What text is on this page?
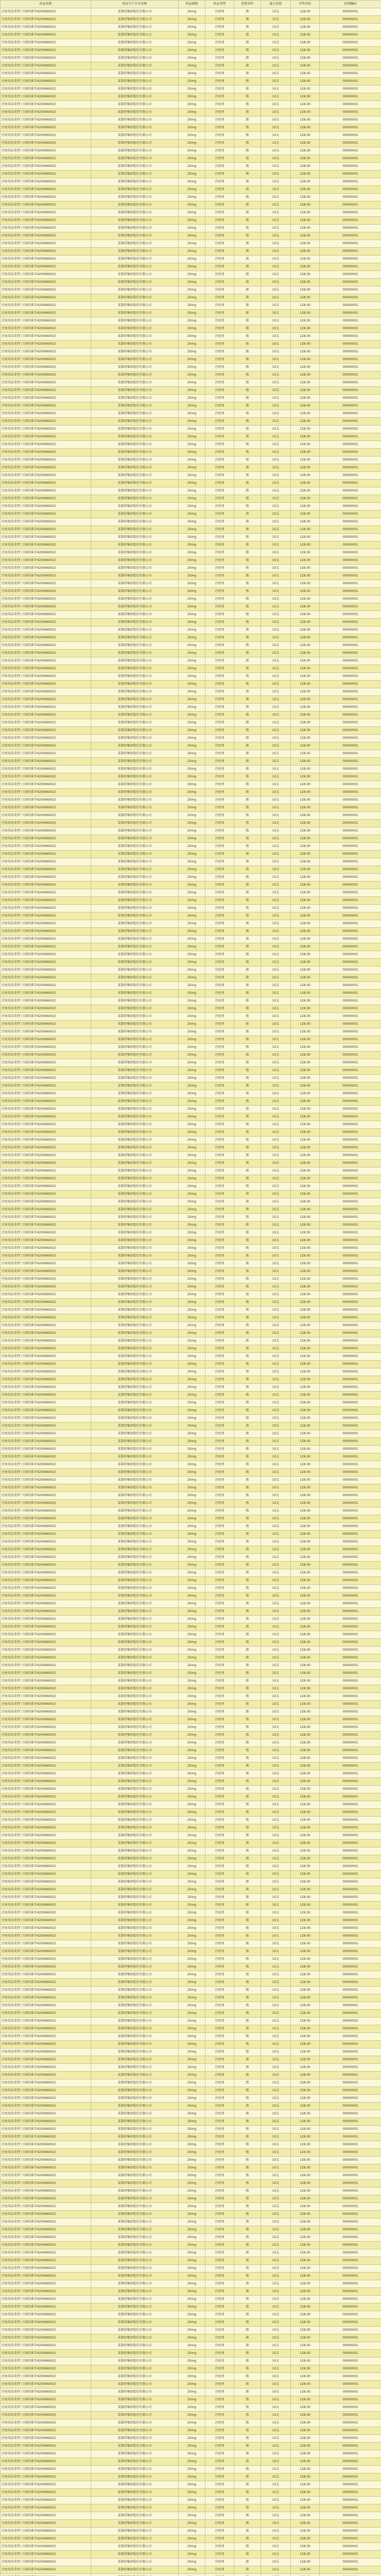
药品名称	药品生产企业名称	药品规格	药品剂型	包装单位	最小包装	零售单价	医保编码
注射用法莫替丁(国药准字H20066002)	某制药集团股份有限公司	20mg	注射剂	瓶	10支	128.00	00000001
注射用法莫替丁(国药准字H20066002)	某制药集团股份有限公司	20mg	注射剂	瓶	10支	128.00	00000001
注射用法莫替丁(国药准字H20066002)	某制药集团股份有限公司	20mg	注射剂	瓶	10支	128.00	00000001
注射用法莫替丁(国药准字H20066002)	某制药集团股份有限公司	20mg	注射剂	瓶	10支	128.00	00000001
注射用法莫替丁(国药准字H20066002)	某制药集团股份有限公司	20mg	注射剂	瓶	10支	128.00	00000001
注射用法莫替丁(国药准字H20066002)	某制药集团股份有限公司	20mg	注射剂	瓶	10支	128.00	00000001
注射用法莫替丁(国药准字H20066002)	某制药集团股份有限公司	20mg	注射剂	瓶	10支	128.00	00000001
注射用法莫替丁(国药准字H20066002)	某制药集团股份有限公司	20mg	注射剂	瓶	10支	128.00	00000001
注射用法莫替丁(国药准字H20066002)	某制药集团股份有限公司	20mg	注射剂	瓶	10支	128.00	00000001
注射用法莫替丁(国药准字H20066002)	某制药集团股份有限公司	20mg	注射剂	瓶	10支	128.00	00000001
注射用法莫替丁(国药准字H20066002)	某制药集团股份有限公司	20mg	注射剂	瓶	10支	128.00	00000001
注射用法莫替丁(国药准字H20066002)	某制药集团股份有限公司	20mg	注射剂	瓶	10支	128.00	00000001
注射用法莫替丁(国药准字H20066002)	某制药集团股份有限公司	20mg	注射剂	瓶	10支	128.00	00000001
注射用法莫替丁(国药准字H20066002)	某制药集团股份有限公司	20mg	注射剂	瓶	10支	128.00	00000001
注射用法莫替丁(国药准字H20066002)	某制药集团股份有限公司	20mg	注射剂	瓶	10支	128.00	00000001
注射用法莫替丁(国药准字H20066002)	某制药集团股份有限公司	20mg	注射剂	瓶	10支	128.00	00000001
注射用法莫替丁(国药准字H20066002)	某制药集团股份有限公司	20mg	注射剂	瓶	10支	128.00	00000001
注射用法莫替丁(国药准字H20066002)	某制药集团股份有限公司	20mg	注射剂	瓶	10支	128.00	00000001
注射用法莫替丁(国药准字H20066002)	某制药集团股份有限公司	20mg	注射剂	瓶	10支	128.00	00000001
注射用法莫替丁(国药准字H20066002)	某制药集团股份有限公司	20mg	注射剂	瓶	10支	128.00	00000001
注射用法莫替丁(国药准字H20066002)	某制药集团股份有限公司	20mg	注射剂	瓶	10支	128.00	00000001
注射用法莫替丁(国药准字H20066002)	某制药集团股份有限公司	20mg	注射剂	瓶	10支	128.00	00000001
注射用法莫替丁(国药准字H20066002)	某制药集团股份有限公司	20mg	注射剂	瓶	10支	128.00	00000001
注射用法莫替丁(国药准字H20066002)	某制药集团股份有限公司	20mg	注射剂	瓶	10支	128.00	00000001
注射用法莫替丁(国药准字H20066002)	某制药集团股份有限公司	20mg	注射剂	瓶	10支	128.00	00000001
注射用法莫替丁(国药准字H20066002)	某制药集团股份有限公司	20mg	注射剂	瓶	10支	128.00	00000001
注射用法莫替丁(国药准字H20066002)	某制药集团股份有限公司	20mg	注射剂	瓶	10支	128.00	00000001
注射用法莫替丁(国药准字H20066002)	某制药集团股份有限公司	20mg	注射剂	瓶	10支	128.00	00000001
注射用法莫替丁(国药准字H20066002)	某制药集团股份有限公司	20mg	注射剂	瓶	10支	128.00	00000001
注射用法莫替丁(国药准字H20066002)	某制药集团股份有限公司	20mg	注射剂	瓶	10支	128.00	00000001
注射用法莫替丁(国药准字H20066002)	某制药集团股份有限公司	20mg	注射剂	瓶	10支	128.00	00000001
注射用法莫替丁(国药准字H20066002)	某制药集团股份有限公司	20mg	注射剂	瓶	10支	128.00	00000001
注射用法莫替丁(国药准字H20066002)	某制药集团股份有限公司	20mg	注射剂	瓶	10支	128.00	00000001
注射用法莫替丁(国药准字H20066002)	某制药集团股份有限公司	20mg	注射剂	瓶	10支	128.00	00000001
注射用法莫替丁(国药准字H20066002)	某制药集团股份有限公司	20mg	注射剂	瓶	10支	128.00	00000001
注射用法莫替丁(国药准字H20066002)	某制药集团股份有限公司	20mg	注射剂	瓶	10支	128.00	00000001
注射用法莫替丁(国药准字H20066002)	某制药集团股份有限公司	20mg	注射剂	瓶	10支	128.00	00000001
注射用法莫替丁(国药准字H20066002)	某制药集团股份有限公司	20mg	注射剂	瓶	10支	128.00	00000001
注射用法莫替丁(国药准字H20066002)	某制药集团股份有限公司	20mg	注射剂	瓶	10支	128.00	00000001
注射用法莫替丁(国药准字H20066002)	某制药集团股份有限公司	20mg	注射剂	瓶	10支	128.00	00000001
注射用法莫替丁(国药准字H20066002)	某制药集团股份有限公司	20mg	注射剂	瓶	10支	128.00	00000001
注射用法莫替丁(国药准字H20066002)	某制药集团股份有限公司	20mg	注射剂	瓶	10支	128.00	00000001
注射用法莫替丁(国药准字H20066002)	某制药集团股份有限公司	20mg	注射剂	瓶	10支	128.00	00000001
注射用法莫替丁(国药准字H20066002)	某制药集团股份有限公司	20mg	注射剂	瓶	10支	128.00	00000001
注射用法莫替丁(国药准字H20066002)	某制药集团股份有限公司	20mg	注射剂	瓶	10支	128.00	00000001
注射用法莫替丁(国药准字H20066002)	某制药集团股份有限公司	20mg	注射剂	瓶	10支	128.00	00000001
注射用法莫替丁(国药准字H20066002)	某制药集团股份有限公司	20mg	注射剂	瓶	10支	128.00	00000001
注射用法莫替丁(国药准字H20066002)	某制药集团股份有限公司	20mg	注射剂	瓶	10支	128.00	00000001
注射用法莫替丁(国药准字H20066002)	某制药集团股份有限公司	20mg	注射剂	瓶	10支	128.00	00000001
注射用法莫替丁(国药准字H20066002)	某制药集团股份有限公司	20mg	注射剂	瓶	10支	128.00	00000001
注射用法莫替丁(国药准字H20066002)	某制药集团股份有限公司	20mg	注射剂	瓶	10支	128.00	00000001
注射用法莫替丁(国药准字H20066002)	某制药集团股份有限公司	20mg	注射剂	瓶	10支	128.00	00000001
注射用法莫替丁(国药准字H20066002)	某制药集团股份有限公司	20mg	注射剂	瓶	10支	128.00	00000001
注射用法莫替丁(国药准字H20066002)	某制药集团股份有限公司	20mg	注射剂	瓶	10支	128.00	00000001
注射用法莫替丁(国药准字H20066002)	某制药集团股份有限公司	20mg	注射剂	瓶	10支	128.00	00000001
注射用法莫替丁(国药准字H20066002)	某制药集团股份有限公司	20mg	注射剂	瓶	10支	128.00	00000001
注射用法莫替丁(国药准字H20066002)	某制药集团股份有限公司	20mg	注射剂	瓶	10支	128.00	00000001
注射用法莫替丁(国药准字H20066002)	某制药集团股份有限公司	20mg	注射剂	瓶	10支	128.00	00000001
注射用法莫替丁(国药准字H20066002)	某制药集团股份有限公司	20mg	注射剂	瓶	10支	128.00	00000001
注射用法莫替丁(国药准字H20066002)	某制药集团股份有限公司	20mg	注射剂	瓶	10支	128.00	00000001
注射用法莫替丁(国药准字H20066002)	某制药集团股份有限公司	20mg	注射剂	瓶	10支	128.00	00000001
注射用法莫替丁(国药准字H20066002)	某制药集团股份有限公司	20mg	注射剂	瓶	10支	128.00	00000001
注射用法莫替丁(国药准字H20066002)	某制药集团股份有限公司	20mg	注射剂	瓶	10支	128.00	00000001
注射用法莫替丁(国药准字H20066002)	某制药集团股份有限公司	20mg	注射剂	瓶	10支	128.00	00000001
注射用法莫替丁(国药准字H20066002)	某制药集团股份有限公司	20mg	注射剂	瓶	10支	128.00	00000001
注射用法莫替丁(国药准字H20066002)	某制药集团股份有限公司	20mg	注射剂	瓶	10支	128.00	00000001
注射用法莫替丁(国药准字H20066002)	某制药集团股份有限公司	20mg	注射剂	瓶	10支	128.00	00000001
注射用法莫替丁(国药准字H20066002)	某制药集团股份有限公司	20mg	注射剂	瓶	10支	128.00	00000001
注射用法莫替丁(国药准字H20066002)	某制药集团股份有限公司	20mg	注射剂	瓶	10支	128.00	00000001
注射用法莫替丁(国药准字H20066002)	某制药集团股份有限公司	20mg	注射剂	瓶	10支	128.00	00000001
注射用法莫替丁(国药准字H20066002)	某制药集团股份有限公司	20mg	注射剂	瓶	10支	128.00	00000001
注射用法莫替丁(国药准字H20066002)	某制药集团股份有限公司	20mg	注射剂	瓶	10支	128.00	00000001
注射用法莫替丁(国药准字H20066002)	某制药集团股份有限公司	20mg	注射剂	瓶	10支	128.00	00000001
注射用法莫替丁(国药准字H20066002)	某制药集团股份有限公司	20mg	注射剂	瓶	10支	128.00	00000001
注射用法莫替丁(国药准字H20066002)	某制药集团股份有限公司	20mg	注射剂	瓶	10支	128.00	00000001
注射用法莫替丁(国药准字H20066002)	某制药集团股份有限公司	20mg	注射剂	瓶	10支	128.00	00000001
注射用法莫替丁(国药准字H20066002)	某制药集团股份有限公司	20mg	注射剂	瓶	10支	128.00	00000001
注射用法莫替丁(国药准字H20066002)	某制药集团股份有限公司	20mg	注射剂	瓶	10支	128.00	00000001
注射用法莫替丁(国药准字H20066002)	某制药集团股份有限公司	20mg	注射剂	瓶	10支	128.00	00000001
注射用法莫替丁(国药准字H20066002)	某制药集团股份有限公司	20mg	注射剂	瓶	10支	128.00	00000001
注射用法莫替丁(国药准字H20066002)	某制药集团股份有限公司	20mg	注射剂	瓶	10支	128.00	00000001
注射用法莫替丁(国药准字H20066002)	某制药集团股份有限公司	20mg	注射剂	瓶	10支	128.00	00000001
注射用法莫替丁(国药准字H20066002)	某制药集团股份有限公司	20mg	注射剂	瓶	10支	128.00	00000001
注射用法莫替丁(国药准字H20066002)	某制药集团股份有限公司	20mg	注射剂	瓶	10支	128.00	00000001
注射用法莫替丁(国药准字H20066002)	某制药集团股份有限公司	20mg	注射剂	瓶	10支	128.00	00000001
注射用法莫替丁(国药准字H20066002)	某制药集团股份有限公司	20mg	注射剂	瓶	10支	128.00	00000001
注射用法莫替丁(国药准字H20066002)	某制药集团股份有限公司	20mg	注射剂	瓶	10支	128.00	00000001
注射用法莫替丁(国药准字H20066002)	某制药集团股份有限公司	20mg	注射剂	瓶	10支	128.00	00000001
注射用法莫替丁(国药准字H20066002)	某制药集团股份有限公司	20mg	注射剂	瓶	10支	128.00	00000001
注射用法莫替丁(国药准字H20066002)	某制药集团股份有限公司	20mg	注射剂	瓶	10支	128.00	00000001
注射用法莫替丁(国药准字H20066002)	某制药集团股份有限公司	20mg	注射剂	瓶	10支	128.00	00000001
注射用法莫替丁(国药准字H20066002)	某制药集团股份有限公司	20mg	注射剂	瓶	10支	128.00	00000001
注射用法莫替丁(国药准字H20066002)	某制药集团股份有限公司	20mg	注射剂	瓶	10支	128.00	00000001
注射用法莫替丁(国药准字H20066002)	某制药集团股份有限公司	20mg	注射剂	瓶	10支	128.00	00000001
注射用法莫替丁(国药准字H20066002)	某制药集团股份有限公司	20mg	注射剂	瓶	10支	128.00	00000001
注射用法莫替丁(国药准字H20066002)	某制药集团股份有限公司	20mg	注射剂	瓶	10支	128.00	00000001
注射用法莫替丁(国药准字H20066002)	某制药集团股份有限公司	20mg	注射剂	瓶	10支	128.00	00000001
注射用法莫替丁(国药准字H20066002)	某制药集团股份有限公司	20mg	注射剂	瓶	10支	128.00	00000001
注射用法莫替丁(国药准字H20066002)	某制药集团股份有限公司	20mg	注射剂	瓶	10支	128.00	00000001
注射用法莫替丁(国药准字H20066002)	某制药集团股份有限公司	20mg	注射剂	瓶	10支	128.00	00000001
注射用法莫替丁(国药准字H20066002)	某制药集团股份有限公司	20mg	注射剂	瓶	10支	128.00	00000001
注射用法莫替丁(国药准字H20066002)	某制药集团股份有限公司	20mg	注射剂	瓶	10支	128.00	00000001
注射用法莫替丁(国药准字H20066002)	某制药集团股份有限公司	20mg	注射剂	瓶	10支	128.00	00000001
注射用法莫替丁(国药准字H20066002)	某制药集团股份有限公司	20mg	注射剂	瓶	10支	128.00	00000001
注射用法莫替丁(国药准字H20066002)	某制药集团股份有限公司	20mg	注射剂	瓶	10支	128.00	00000001
注射用法莫替丁(国药准字H20066002)	某制药集团股份有限公司	20mg	注射剂	瓶	10支	128.00	00000001
注射用法莫替丁(国药准字H20066002)	某制药集团股份有限公司	20mg	注射剂	瓶	10支	128.00	00000001
注射用法莫替丁(国药准字H20066002)	某制药集团股份有限公司	20mg	注射剂	瓶	10支	128.00	00000001
注射用法莫替丁(国药准字H20066002)	某制药集团股份有限公司	20mg	注射剂	瓶	10支	128.00	00000001
注射用法莫替丁(国药准字H20066002)	某制药集团股份有限公司	20mg	注射剂	瓶	10支	128.00	00000001
注射用法莫替丁(国药准字H20066002)	某制药集团股份有限公司	20mg	注射剂	瓶	10支	128.00	00000001
注射用法莫替丁(国药准字H20066002)	某制药集团股份有限公司	20mg	注射剂	瓶	10支	128.00	00000001
注射用法莫替丁(国药准字H20066002)	某制药集团股份有限公司	20mg	注射剂	瓶	10支	128.00	00000001
注射用法莫替丁(国药准字H20066002)	某制药集团股份有限公司	20mg	注射剂	瓶	10支	128.00	00000001
注射用法莫替丁(国药准字H20066002)	某制药集团股份有限公司	20mg	注射剂	瓶	10支	128.00	00000001
注射用法莫替丁(国药准字H20066002)	某制药集团股份有限公司	20mg	注射剂	瓶	10支	128.00	00000001
注射用法莫替丁(国药准字H20066002)	某制药集团股份有限公司	20mg	注射剂	瓶	10支	128.00	00000001
注射用法莫替丁(国药准字H20066002)	某制药集团股份有限公司	20mg	注射剂	瓶	10支	128.00	00000001
注射用法莫替丁(国药准字H20066002)	某制药集团股份有限公司	20mg	注射剂	瓶	10支	128.00	00000001
注射用法莫替丁(国药准字H20066002)	某制药集团股份有限公司	20mg	注射剂	瓶	10支	128.00	00000001
注射用法莫替丁(国药准字H20066002)	某制药集团股份有限公司	20mg	注射剂	瓶	10支	128.00	00000001
注射用法莫替丁(国药准字H20066002)	某制药集团股份有限公司	20mg	注射剂	瓶	10支	128.00	00000001
注射用法莫替丁(国药准字H20066002)	某制药集团股份有限公司	20mg	注射剂	瓶	10支	128.00	00000001
注射用法莫替丁(国药准字H20066002)	某制药集团股份有限公司	20mg	注射剂	瓶	10支	128.00	00000001
注射用法莫替丁(国药准字H20066002)	某制药集团股份有限公司	20mg	注射剂	瓶	10支	128.00	00000001
注射用法莫替丁(国药准字H20066002)	某制药集团股份有限公司	20mg	注射剂	瓶	10支	128.00	00000001
注射用法莫替丁(国药准字H20066002)	某制药集团股份有限公司	20mg	注射剂	瓶	10支	128.00	00000001
注射用法莫替丁(国药准字H20066002)	某制药集团股份有限公司	20mg	注射剂	瓶	10支	128.00	00000001
注射用法莫替丁(国药准字H20066002)	某制药集团股份有限公司	20mg	注射剂	瓶	10支	128.00	00000001
注射用法莫替丁(国药准字H20066002)	某制药集团股份有限公司	20mg	注射剂	瓶	10支	128.00	00000001
注射用法莫替丁(国药准字H20066002)	某制药集团股份有限公司	20mg	注射剂	瓶	10支	128.00	00000001
注射用法莫替丁(国药准字H20066002)	某制药集团股份有限公司	20mg	注射剂	瓶	10支	128.00	00000001
注射用法莫替丁(国药准字H20066002)	某制药集团股份有限公司	20mg	注射剂	瓶	10支	128.00	00000001
注射用法莫替丁(国药准字H20066002)	某制药集团股份有限公司	20mg	注射剂	瓶	10支	128.00	00000001
注射用法莫替丁(国药准字H20066002)	某制药集团股份有限公司	20mg	注射剂	瓶	10支	128.00	00000001
注射用法莫替丁(国药准字H20066002)	某制药集团股份有限公司	20mg	注射剂	瓶	10支	128.00	00000001
注射用法莫替丁(国药准字H20066002)	某制药集团股份有限公司	20mg	注射剂	瓶	10支	128.00	00000001
注射用法莫替丁(国药准字H20066002)	某制药集团股份有限公司	20mg	注射剂	瓶	10支	128.00	00000001
注射用法莫替丁(国药准字H20066002)	某制药集团股份有限公司	20mg	注射剂	瓶	10支	128.00	00000001
注射用法莫替丁(国药准字H20066002)	某制药集团股份有限公司	20mg	注射剂	瓶	10支	128.00	00000001
注射用法莫替丁(国药准字H20066002)	某制药集团股份有限公司	20mg	注射剂	瓶	10支	128.00	00000001
注射用法莫替丁(国药准字H20066002)	某制药集团股份有限公司	20mg	注射剂	瓶	10支	128.00	00000001
注射用法莫替丁(国药准字H20066002)	某制药集团股份有限公司	20mg	注射剂	瓶	10支	128.00	00000001
注射用法莫替丁(国药准字H20066002)	某制药集团股份有限公司	20mg	注射剂	瓶	10支	128.00	00000001
注射用法莫替丁(国药准字H20066002)	某制药集团股份有限公司	20mg	注射剂	瓶	10支	128.00	00000001
注射用法莫替丁(国药准字H20066002)	某制药集团股份有限公司	20mg	注射剂	瓶	10支	128.00	00000001
注射用法莫替丁(国药准字H20066002)	某制药集团股份有限公司	20mg	注射剂	瓶	10支	128.00	00000001
注射用法莫替丁(国药准字H20066002)	某制药集团股份有限公司	20mg	注射剂	瓶	10支	128.00	00000001
注射用法莫替丁(国药准字H20066002)	某制药集团股份有限公司	20mg	注射剂	瓶	10支	128.00	00000001
注射用法莫替丁(国药准字H20066002)	某制药集团股份有限公司	20mg	注射剂	瓶	10支	128.00	00000001
注射用法莫替丁(国药准字H20066002)	某制药集团股份有限公司	20mg	注射剂	瓶	10支	128.00	00000001
注射用法莫替丁(国药准字H20066002)	某制药集团股份有限公司	20mg	注射剂	瓶	10支	128.00	00000001
注射用法莫替丁(国药准字H20066002)	某制药集团股份有限公司	20mg	注射剂	瓶	10支	128.00	00000001
注射用法莫替丁(国药准字H20066002)	某制药集团股份有限公司	20mg	注射剂	瓶	10支	128.00	00000001
注射用法莫替丁(国药准字H20066002)	某制药集团股份有限公司	20mg	注射剂	瓶	10支	128.00	00000001
注射用法莫替丁(国药准字H20066002)	某制药集团股份有限公司	20mg	注射剂	瓶	10支	128.00	00000001
注射用法莫替丁(国药准字H20066002)	某制药集团股份有限公司	20mg	注射剂	瓶	10支	128.00	00000001
注射用法莫替丁(国药准字H20066002)	某制药集团股份有限公司	20mg	注射剂	瓶	10支	128.00	00000001
注射用法莫替丁(国药准字H20066002)	某制药集团股份有限公司	20mg	注射剂	瓶	10支	128.00	00000001
注射用法莫替丁(国药准字H20066002)	某制药集团股份有限公司	20mg	注射剂	瓶	10支	128.00	00000001
注射用法莫替丁(国药准字H20066002)	某制药集团股份有限公司	20mg	注射剂	瓶	10支	128.00	00000001
注射用法莫替丁(国药准字H20066002)	某制药集团股份有限公司	20mg	注射剂	瓶	10支	128.00	00000001
注射用法莫替丁(国药准字H20066002)	某制药集团股份有限公司	20mg	注射剂	瓶	10支	128.00	00000001
注射用法莫替丁(国药准字H20066002)	某制药集团股份有限公司	20mg	注射剂	瓶	10支	128.00	00000001
注射用法莫替丁(国药准字H20066002)	某制药集团股份有限公司	20mg	注射剂	瓶	10支	128.00	00000001
注射用法莫替丁(国药准字H20066002)	某制药集团股份有限公司	20mg	注射剂	瓶	10支	128.00	00000001
注射用法莫替丁(国药准字H20066002)	某制药集团股份有限公司	20mg	注射剂	瓶	10支	128.00	00000001
注射用法莫替丁(国药准字H20066002)	某制药集团股份有限公司	20mg	注射剂	瓶	10支	128.00	00000001
注射用法莫替丁(国药准字H20066002)	某制药集团股份有限公司	20mg	注射剂	瓶	10支	128.00	00000001
注射用法莫替丁(国药准字H20066002)	某制药集团股份有限公司	20mg	注射剂	瓶	10支	128.00	00000001
注射用法莫替丁(国药准字H20066002)	某制药集团股份有限公司	20mg	注射剂	瓶	10支	128.00	00000001
注射用法莫替丁(国药准字H20066002)	某制药集团股份有限公司	20mg	注射剂	瓶	10支	128.00	00000001
注射用法莫替丁(国药准字H20066002)	某制药集团股份有限公司	20mg	注射剂	瓶	10支	128.00	00000001
注射用法莫替丁(国药准字H20066002)	某制药集团股份有限公司	20mg	注射剂	瓶	10支	128.00	00000001
注射用法莫替丁(国药准字H20066002)	某制药集团股份有限公司	20mg	注射剂	瓶	10支	128.00	00000001
注射用法莫替丁(国药准字H20066002)	某制药集团股份有限公司	20mg	注射剂	瓶	10支	128.00	00000001
注射用法莫替丁(国药准字H20066002)	某制药集团股份有限公司	20mg	注射剂	瓶	10支	128.00	00000001
注射用法莫替丁(国药准字H20066002)	某制药集团股份有限公司	20mg	注射剂	瓶	10支	128.00	00000001
注射用法莫替丁(国药准字H20066002)	某制药集团股份有限公司	20mg	注射剂	瓶	10支	128.00	00000001
注射用法莫替丁(国药准字H20066002)	某制药集团股份有限公司	20mg	注射剂	瓶	10支	128.00	00000001
注射用法莫替丁(国药准字H20066002)	某制药集团股份有限公司	20mg	注射剂	瓶	10支	128.00	00000001
注射用法莫替丁(国药准字H20066002)	某制药集团股份有限公司	20mg	注射剂	瓶	10支	128.00	00000001
注射用法莫替丁(国药准字H20066002)	某制药集团股份有限公司	20mg	注射剂	瓶	10支	128.00	00000001
注射用法莫替丁(国药准字H20066002)	某制药集团股份有限公司	20mg	注射剂	瓶	10支	128.00	00000001
注射用法莫替丁(国药准字H20066002)	某制药集团股份有限公司	20mg	注射剂	瓶	10支	128.00	00000001
注射用法莫替丁(国药准字H20066002)	某制药集团股份有限公司	20mg	注射剂	瓶	10支	128.00	00000001
注射用法莫替丁(国药准字H20066002)	某制药集团股份有限公司	20mg	注射剂	瓶	10支	128.00	00000001
注射用法莫替丁(国药准字H20066002)	某制药集团股份有限公司	20mg	注射剂	瓶	10支	128.00	00000001
注射用法莫替丁(国药准字H20066002)	某制药集团股份有限公司	20mg	注射剂	瓶	10支	128.00	00000001
注射用法莫替丁(国药准字H20066002)	某制药集团股份有限公司	20mg	注射剂	瓶	10支	128.00	00000001
注射用法莫替丁(国药准字H20066002)	某制药集团股份有限公司	20mg	注射剂	瓶	10支	128.00	00000001
注射用法莫替丁(国药准字H20066002)	某制药集团股份有限公司	20mg	注射剂	瓶	10支	128.00	00000001
注射用法莫替丁(国药准字H20066002)	某制药集团股份有限公司	20mg	注射剂	瓶	10支	128.00	00000001
注射用法莫替丁(国药准字H20066002)	某制药集团股份有限公司	20mg	注射剂	瓶	10支	128.00	00000001
注射用法莫替丁(国药准字H20066002)	某制药集团股份有限公司	20mg	注射剂	瓶	10支	128.00	00000001
注射用法莫替丁(国药准字H20066002)	某制药集团股份有限公司	20mg	注射剂	瓶	10支	128.00	00000001
注射用法莫替丁(国药准字H20066002)	某制药集团股份有限公司	20mg	注射剂	瓶	10支	128.00	00000001
注射用法莫替丁(国药准字H20066002)	某制药集团股份有限公司	20mg	注射剂	瓶	10支	128.00	00000001
注射用法莫替丁(国药准字H20066002)	某制药集团股份有限公司	20mg	注射剂	瓶	10支	128.00	00000001
注射用法莫替丁(国药准字H20066002)	某制药集团股份有限公司	20mg	注射剂	瓶	10支	128.00	00000001
注射用法莫替丁(国药准字H20066002)	某制药集团股份有限公司	20mg	注射剂	瓶	10支	128.00	00000001
注射用法莫替丁(国药准字H20066002)	某制药集团股份有限公司	20mg	注射剂	瓶	10支	128.00	00000001
注射用法莫替丁(国药准字H20066002)	某制药集团股份有限公司	20mg	注射剂	瓶	10支	128.00	00000001
注射用法莫替丁(国药准字H20066002)	某制药集团股份有限公司	20mg	注射剂	瓶	10支	128.00	00000001
注射用法莫替丁(国药准字H20066002)	某制药集团股份有限公司	20mg	注射剂	瓶	10支	128.00	00000001
注射用法莫替丁(国药准字H20066002)	某制药集团股份有限公司	20mg	注射剂	瓶	10支	128.00	00000001
注射用法莫替丁(国药准字H20066002)	某制药集团股份有限公司	20mg	注射剂	瓶	10支	128.00	00000001
注射用法莫替丁(国药准字H20066002)	某制药集团股份有限公司	20mg	注射剂	瓶	10支	128.00	00000001
注射用法莫替丁(国药准字H20066002)	某制药集团股份有限公司	20mg	注射剂	瓶	10支	128.00	00000001
注射用法莫替丁(国药准字H20066002)	某制药集团股份有限公司	20mg	注射剂	瓶	10支	128.00	00000001
注射用法莫替丁(国药准字H20066002)	某制药集团股份有限公司	20mg	注射剂	瓶	10支	128.00	00000001
注射用法莫替丁(国药准字H20066002)	某制药集团股份有限公司	20mg	注射剂	瓶	10支	128.00	00000001
注射用法莫替丁(国药准字H20066002)	某制药集团股份有限公司	20mg	注射剂	瓶	10支	128.00	00000001
注射用法莫替丁(国药准字H20066002)	某制药集团股份有限公司	20mg	注射剂	瓶	10支	128.00	00000001
注射用法莫替丁(国药准字H20066002)	某制药集团股份有限公司	20mg	注射剂	瓶	10支	128.00	00000001
注射用法莫替丁(国药准字H20066002)	某制药集团股份有限公司	20mg	注射剂	瓶	10支	128.00	00000001
注射用法莫替丁(国药准字H20066002)	某制药集团股份有限公司	20mg	注射剂	瓶	10支	128.00	00000001
注射用法莫替丁(国药准字H20066002)	某制药集团股份有限公司	20mg	注射剂	瓶	10支	128.00	00000001
注射用法莫替丁(国药准字H20066002)	某制药集团股份有限公司	20mg	注射剂	瓶	10支	128.00	00000001
注射用法莫替丁(国药准字H20066002)	某制药集团股份有限公司	20mg	注射剂	瓶	10支	128.00	00000001
注射用法莫替丁(国药准字H20066002)	某制药集团股份有限公司	20mg	注射剂	瓶	10支	128.00	00000001
注射用法莫替丁(国药准字H20066002)	某制药集团股份有限公司	20mg	注射剂	瓶	10支	128.00	00000001
注射用法莫替丁(国药准字H20066002)	某制药集团股份有限公司	20mg	注射剂	瓶	10支	128.00	00000001
注射用法莫替丁(国药准字H20066002)	某制药集团股份有限公司	20mg	注射剂	瓶	10支	128.00	00000001
注射用法莫替丁(国药准字H20066002)	某制药集团股份有限公司	20mg	注射剂	瓶	10支	128.00	00000001
注射用法莫替丁(国药准字H20066002)	某制药集团股份有限公司	20mg	注射剂	瓶	10支	128.00	00000001
注射用法莫替丁(国药准字H20066002)	某制药集团股份有限公司	20mg	注射剂	瓶	10支	128.00	00000001
注射用法莫替丁(国药准字H20066002)	某制药集团股份有限公司	20mg	注射剂	瓶	10支	128.00	00000001
注射用法莫替丁(国药准字H20066002)	某制药集团股份有限公司	20mg	注射剂	瓶	10支	128.00	00000001
注射用法莫替丁(国药准字H20066002)	某制药集团股份有限公司	20mg	注射剂	瓶	10支	128.00	00000001
注射用法莫替丁(国药准字H20066002)	某制药集团股份有限公司	20mg	注射剂	瓶	10支	128.00	00000001
注射用法莫替丁(国药准字H20066002)	某制药集团股份有限公司	20mg	注射剂	瓶	10支	128.00	00000001
注射用法莫替丁(国药准字H20066002)	某制药集团股份有限公司	20mg	注射剂	瓶	10支	128.00	00000001
注射用法莫替丁(国药准字H20066002)	某制药集团股份有限公司	20mg	注射剂	瓶	10支	128.00	00000001
注射用法莫替丁(国药准字H20066002)	某制药集团股份有限公司	20mg	注射剂	瓶	10支	128.00	00000001
注射用法莫替丁(国药准字H20066002)	某制药集团股份有限公司	20mg	注射剂	瓶	10支	128.00	00000001
注射用法莫替丁(国药准字H20066002)	某制药集团股份有限公司	20mg	注射剂	瓶	10支	128.00	00000001
注射用法莫替丁(国药准字H20066002)	某制药集团股份有限公司	20mg	注射剂	瓶	10支	128.00	00000001
注射用法莫替丁(国药准字H20066002)	某制药集团股份有限公司	20mg	注射剂	瓶	10支	128.00	00000001
注射用法莫替丁(国药准字H20066002)	某制药集团股份有限公司	20mg	注射剂	瓶	10支	128.00	00000001
注射用法莫替丁(国药准字H20066002)	某制药集团股份有限公司	20mg	注射剂	瓶	10支	128.00	00000001
注射用法莫替丁(国药准字H20066002)	某制药集团股份有限公司	20mg	注射剂	瓶	10支	128.00	00000001
注射用法莫替丁(国药准字H20066002)	某制药集团股份有限公司	20mg	注射剂	瓶	10支	128.00	00000001
注射用法莫替丁(国药准字H20066002)	某制药集团股份有限公司	20mg	注射剂	瓶	10支	128.00	00000001
注射用法莫替丁(国药准字H20066002)	某制药集团股份有限公司	20mg	注射剂	瓶	10支	128.00	00000001
注射用法莫替丁(国药准字H20066002)	某制药集团股份有限公司	20mg	注射剂	瓶	10支	128.00	00000001
注射用法莫替丁(国药准字H20066002)	某制药集团股份有限公司	20mg	注射剂	瓶	10支	128.00	00000001
注射用法莫替丁(国药准字H20066002)	某制药集团股份有限公司	20mg	注射剂	瓶	10支	128.00	00000001
注射用法莫替丁(国药准字H20066002)	某制药集团股份有限公司	20mg	注射剂	瓶	10支	128.00	00000001
注射用法莫替丁(国药准字H20066002)	某制药集团股份有限公司	20mg	注射剂	瓶	10支	128.00	00000001
注射用法莫替丁(国药准字H20066002)	某制药集团股份有限公司	20mg	注射剂	瓶	10支	128.00	00000001
注射用法莫替丁(国药准字H20066002)	某制药集团股份有限公司	20mg	注射剂	瓶	10支	128.00	00000001
注射用法莫替丁(国药准字H20066002)	某制药集团股份有限公司	20mg	注射剂	瓶	10支	128.00	00000001
注射用法莫替丁(国药准字H20066002)	某制药集团股份有限公司	20mg	注射剂	瓶	10支	128.00	00000001
注射用法莫替丁(国药准字H20066002)	某制药集团股份有限公司	20mg	注射剂	瓶	10支	128.00	00000001
注射用法莫替丁(国药准字H20066002)	某制药集团股份有限公司	20mg	注射剂	瓶	10支	128.00	00000001
注射用法莫替丁(国药准字H20066002)	某制药集团股份有限公司	20mg	注射剂	瓶	10支	128.00	00000001
注射用法莫替丁(国药准字H20066002)	某制药集团股份有限公司	20mg	注射剂	瓶	10支	128.00	00000001
注射用法莫替丁(国药准字H20066002)	某制药集团股份有限公司	20mg	注射剂	瓶	10支	128.00	00000001
注射用法莫替丁(国药准字H20066002)	某制药集团股份有限公司	20mg	注射剂	瓶	10支	128.00	00000001
注射用法莫替丁(国药准字H20066002)	某制药集团股份有限公司	20mg	注射剂	瓶	10支	128.00	00000001
注射用法莫替丁(国药准字H20066002)	某制药集团股份有限公司	20mg	注射剂	瓶	10支	128.00	00000001
注射用法莫替丁(国药准字H20066002)	某制药集团股份有限公司	20mg	注射剂	瓶	10支	128.00	00000001
注射用法莫替丁(国药准字H20066002)	某制药集团股份有限公司	20mg	注射剂	瓶	10支	128.00	00000001
注射用法莫替丁(国药准字H20066002)	某制药集团股份有限公司	20mg	注射剂	瓶	10支	128.00	00000001
注射用法莫替丁(国药准字H20066002)	某制药集团股份有限公司	20mg	注射剂	瓶	10支	128.00	00000001
注射用法莫替丁(国药准字H20066002)	某制药集团股份有限公司	20mg	注射剂	瓶	10支	128.00	00000001
注射用法莫替丁(国药准字H20066002)	某制药集团股份有限公司	20mg	注射剂	瓶	10支	128.00	00000001
注射用法莫替丁(国药准字H20066002)	某制药集团股份有限公司	20mg	注射剂	瓶	10支	128.00	00000001
注射用法莫替丁(国药准字H20066002)	某制药集团股份有限公司	20mg	注射剂	瓶	10支	128.00	00000001
注射用法莫替丁(国药准字H20066002)	某制药集团股份有限公司	20mg	注射剂	瓶	10支	128.00	00000001
注射用法莫替丁(国药准字H20066002)	某制药集团股份有限公司	20mg	注射剂	瓶	10支	128.00	00000001
注射用法莫替丁(国药准字H20066002)	某制药集团股份有限公司	20mg	注射剂	瓶	10支	128.00	00000001
注射用法莫替丁(国药准字H20066002)	某制药集团股份有限公司	20mg	注射剂	瓶	10支	128.00	00000001
注射用法莫替丁(国药准字H20066002)	某制药集团股份有限公司	20mg	注射剂	瓶	10支	128.00	00000001
注射用法莫替丁(国药准字H20066002)	某制药集团股份有限公司	20mg	注射剂	瓶	10支	128.00	00000001
注射用法莫替丁(国药准字H20066002)	某制药集团股份有限公司	20mg	注射剂	瓶	10支	128.00	00000001
注射用法莫替丁(国药准字H20066002)	某制药集团股份有限公司	20mg	注射剂	瓶	10支	128.00	00000001
注射用法莫替丁(国药准字H20066002)	某制药集团股份有限公司	20mg	注射剂	瓶	10支	128.00	00000001
注射用法莫替丁(国药准字H20066002)	某制药集团股份有限公司	20mg	注射剂	瓶	10支	128.00	00000001
注射用法莫替丁(国药准字H20066002)	某制药集团股份有限公司	20mg	注射剂	瓶	10支	128.00	00000001
注射用法莫替丁(国药准字H20066002)	某制药集团股份有限公司	20mg	注射剂	瓶	10支	128.00	00000001
注射用法莫替丁(国药准字H20066002)	某制药集团股份有限公司	20mg	注射剂	瓶	10支	128.00	00000001
注射用法莫替丁(国药准字H20066002)	某制药集团股份有限公司	20mg	注射剂	瓶	10支	128.00	00000001
注射用法莫替丁(国药准字H20066002)	某制药集团股份有限公司	20mg	注射剂	瓶	10支	128.00	00000001
注射用法莫替丁(国药准字H20066002)	某制药集团股份有限公司	20mg	注射剂	瓶	10支	128.00	00000001
注射用法莫替丁(国药准字H20066002)	某制药集团股份有限公司	20mg	注射剂	瓶	10支	128.00	00000001
注射用法莫替丁(国药准字H20066002)	某制药集团股份有限公司	20mg	注射剂	瓶	10支	128.00	00000001
注射用法莫替丁(国药准字H20066002)	某制药集团股份有限公司	20mg	注射剂	瓶	10支	128.00	00000001
注射用法莫替丁(国药准字H20066002)	某制药集团股份有限公司	20mg	注射剂	瓶	10支	128.00	00000001
注射用法莫替丁(国药准字H20066002)	某制药集团股份有限公司	20mg	注射剂	瓶	10支	128.00	00000001
注射用法莫替丁(国药准字H20066002)	某制药集团股份有限公司	20mg	注射剂	瓶	10支	128.00	00000001
注射用法莫替丁(国药准字H20066002)	某制药集团股份有限公司	20mg	注射剂	瓶	10支	128.00	00000001
注射用法莫替丁(国药准字H20066002)	某制药集团股份有限公司	20mg	注射剂	瓶	10支	128.00	00000001
注射用法莫替丁(国药准字H20066002)	某制药集团股份有限公司	20mg	注射剂	瓶	10支	128.00	00000001
注射用法莫替丁(国药准字H20066002)	某制药集团股份有限公司	20mg	注射剂	瓶	10支	128.00	00000001
注射用法莫替丁(国药准字H20066002)	某制药集团股份有限公司	20mg	注射剂	瓶	10支	128.00	00000001
注射用法莫替丁(国药准字H20066002)	某制药集团股份有限公司	20mg	注射剂	瓶	10支	128.00	00000001
注射用法莫替丁(国药准字H20066002)	某制药集团股份有限公司	20mg	注射剂	瓶	10支	128.00	00000001
注射用法莫替丁(国药准字H20066002)	某制药集团股份有限公司	20mg	注射剂	瓶	10支	128.00	00000001
注射用法莫替丁(国药准字H20066002)	某制药集团股份有限公司	20mg	注射剂	瓶	10支	128.00	00000001
注射用法莫替丁(国药准字H20066002)	某制药集团股份有限公司	20mg	注射剂	瓶	10支	128.00	00000001
注射用法莫替丁(国药准字H20066002)	某制药集团股份有限公司	20mg	注射剂	瓶	10支	128.00	00000001
注射用法莫替丁(国药准字H20066002)	某制药集团股份有限公司	20mg	注射剂	瓶	10支	128.00	00000001
注射用法莫替丁(国药准字H20066002)	某制药集团股份有限公司	20mg	注射剂	瓶	10支	128.00	00000001
注射用法莫替丁(国药准字H20066002)	某制药集团股份有限公司	20mg	注射剂	瓶	10支	128.00	00000001
注射用法莫替丁(国药准字H20066002)	某制药集团股份有限公司	20mg	注射剂	瓶	10支	128.00	00000001
注射用法莫替丁(国药准字H20066002)	某制药集团股份有限公司	20mg	注射剂	瓶	10支	128.00	00000001
注射用法莫替丁(国药准字H20066002)	某制药集团股份有限公司	20mg	注射剂	瓶	10支	128.00	00000001
注射用法莫替丁(国药准字H20066002)	某制药集团股份有限公司	20mg	注射剂	瓶	10支	128.00	00000001
注射用法莫替丁(国药准字H20066002)	某制药集团股份有限公司	20mg	注射剂	瓶	10支	128.00	00000001
注射用法莫替丁(国药准字H20066002)	某制药集团股份有限公司	20mg	注射剂	瓶	10支	128.00	00000001
注射用法莫替丁(国药准字H20066002)	某制药集团股份有限公司	20mg	注射剂	瓶	10支	128.00	00000001
注射用法莫替丁(国药准字H20066002)	某制药集团股份有限公司	20mg	注射剂	瓶	10支	128.00	00000001
注射用法莫替丁(国药准字H20066002)	某制药集团股份有限公司	20mg	注射剂	瓶	10支	128.00	00000001
注射用法莫替丁(国药准字H20066002)	某制药集团股份有限公司	20mg	注射剂	瓶	10支	128.00	00000001
注射用法莫替丁(国药准字H20066002)	某制药集团股份有限公司	20mg	注射剂	瓶	10支	128.00	00000001
注射用法莫替丁(国药准字H20066002)	某制药集团股份有限公司	20mg	注射剂	瓶	10支	128.00	00000001
注射用法莫替丁(国药准字H20066002)	某制药集团股份有限公司	20mg	注射剂	瓶	10支	128.00	00000001
注射用法莫替丁(国药准字H20066002)	某制药集团股份有限公司	20mg	注射剂	瓶	10支	128.00	00000001
注射用法莫替丁(国药准字H20066002)	某制药集团股份有限公司	20mg	注射剂	瓶	10支	128.00	00000001
注射用法莫替丁(国药准字H20066002)	某制药集团股份有限公司	20mg	注射剂	瓶	10支	128.00	00000001
注射用法莫替丁(国药准字H20066002)	某制药集团股份有限公司	20mg	注射剂	瓶	10支	128.00	00000001
注射用法莫替丁(国药准字H20066002)	某制药集团股份有限公司	20mg	注射剂	瓶	10支	128.00	00000001
注射用法莫替丁(国药准字H20066002)	某制药集团股份有限公司	20mg	注射剂	瓶	10支	128.00	00000001
注射用法莫替丁(国药准字H20066002)	某制药集团股份有限公司	20mg	注射剂	瓶	10支	128.00	00000001
注射用法莫替丁(国药准字H20066002)	某制药集团股份有限公司	20mg	注射剂	瓶	10支	128.00	00000001
注射用法莫替丁(国药准字H20066002)	某制药集团股份有限公司	20mg	注射剂	瓶	10支	128.00	00000001
注射用法莫替丁(国药准字H20066002)	某制药集团股份有限公司	20mg	注射剂	瓶	10支	128.00	00000001
注射用法莫替丁(国药准字H20066002)	某制药集团股份有限公司	20mg	注射剂	瓶	10支	128.00	00000001
注射用法莫替丁(国药准字H20066002)	某制药集团股份有限公司	20mg	注射剂	瓶	10支	128.00	00000001
注射用法莫替丁(国药准字H20066002)	某制药集团股份有限公司	20mg	注射剂	瓶	10支	128.00	00000001
